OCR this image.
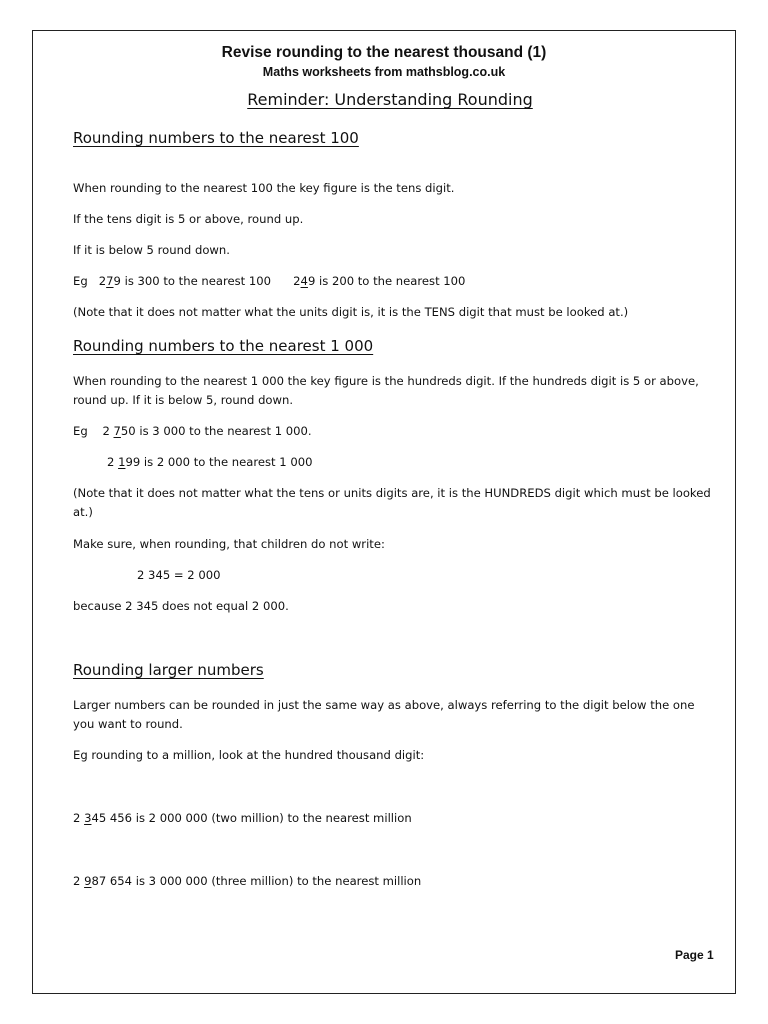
Revise rounding to the nearest thousand (1)
Maths worksheets from mathsblog.co.uk
Reminder: Understanding Rounding
Rounding numbers to the nearest 100

When rounding to the nearest 100 the key figure is the tens digit.

If the tens digit is 5 or above, round up.

If it is below 5 round down.

Eg 279 is 300 to the nearest 100 249 is 200 to the nearest 100

(Note that it does not matter what the units digit is, it is the TENS digit that must be looked at.)

Rounding numbers to the nearest 1 000

When rounding to the nearest 1 000 the key figure is the hundreds digit. If the hundreds digit is 5 or above, round up. If it is below 5, round down.

Eg 2 750 is 3 000 to the nearest 1 000.

2 199 is 2 000 to the nearest 1 000

(Note that it does not matter what the tens or units digits are, it is the HUNDREDS digit which must be looked at.)

Make sure, when rounding, that children do not write:

2 345 = 2 000

because 2 345 does not equal 2 000.

Rounding larger numbers

Larger numbers can be rounded in just the same way as above, always referring to the digit below the one you want to round.

Eg rounding to a million, look at the hundred thousand digit:

2 345 456 is 2 000 000 (two million) to the nearest million

2 987 654 is 3 000 000 (three million) to the nearest million

Page 1
